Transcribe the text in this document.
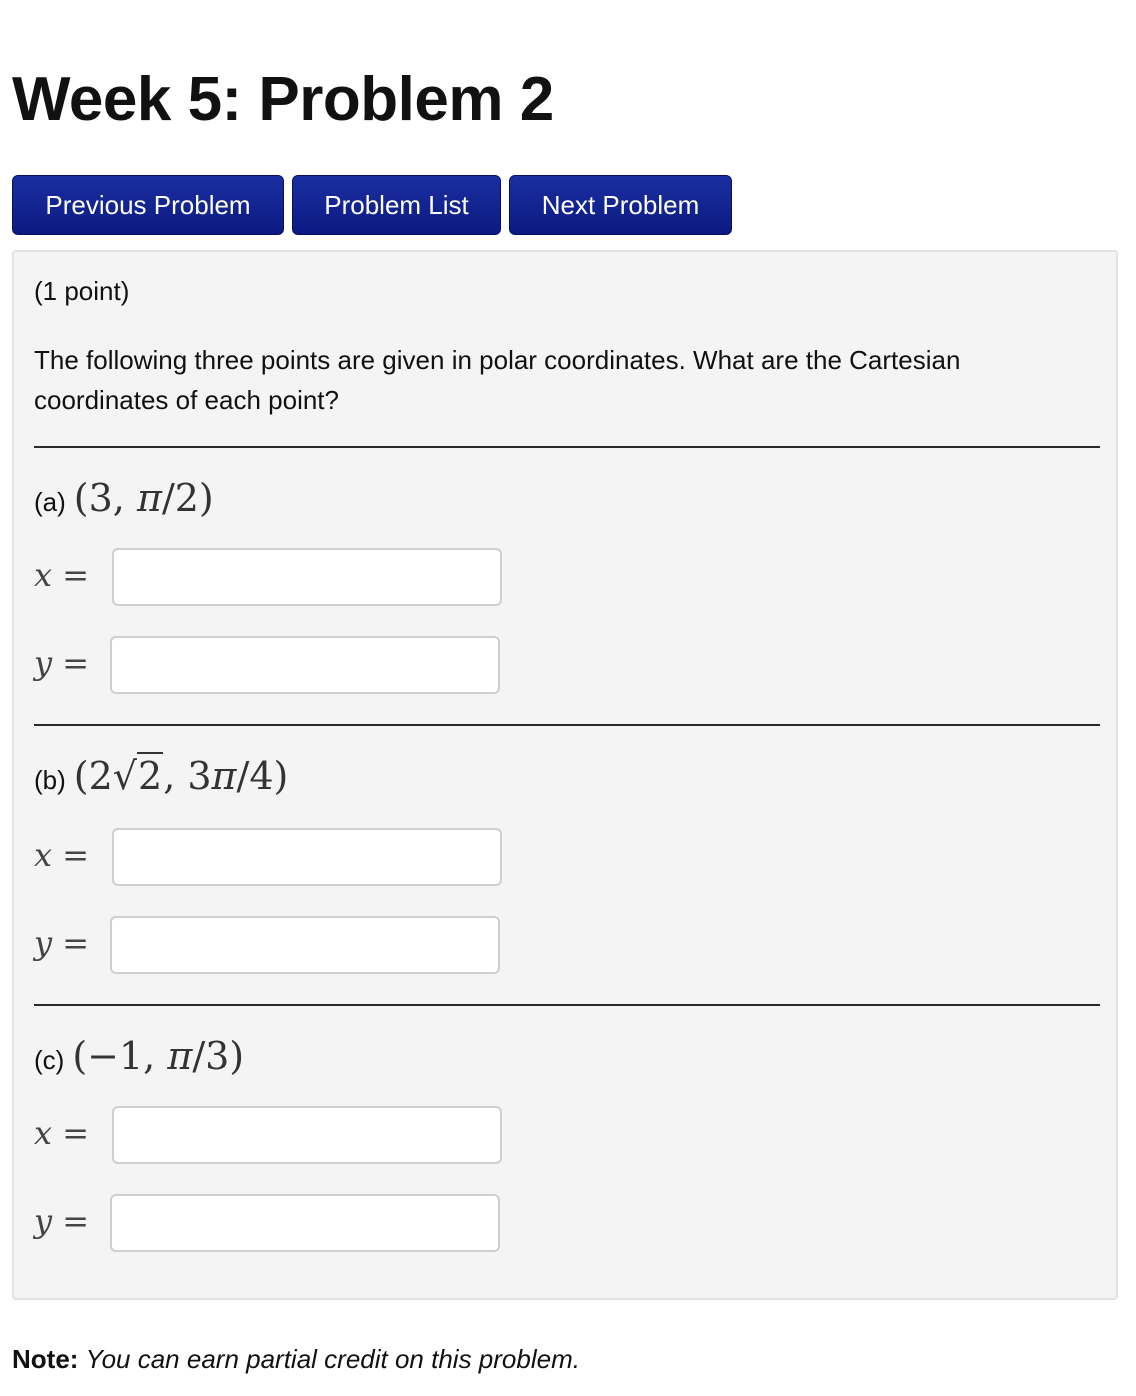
Week 5: Problem 2
Previous Problem	Problem List	Next Problem
(1 point)
The following three points are given in polar coordinates. What are the Cartesian coordinates of each point?
(a) (3, π/2)
x =
y =
(b) (2√2, 3π/4)
x =
y =
(c) (−1, π/3)
x =
y =
Note: You can earn partial credit on this problem.
